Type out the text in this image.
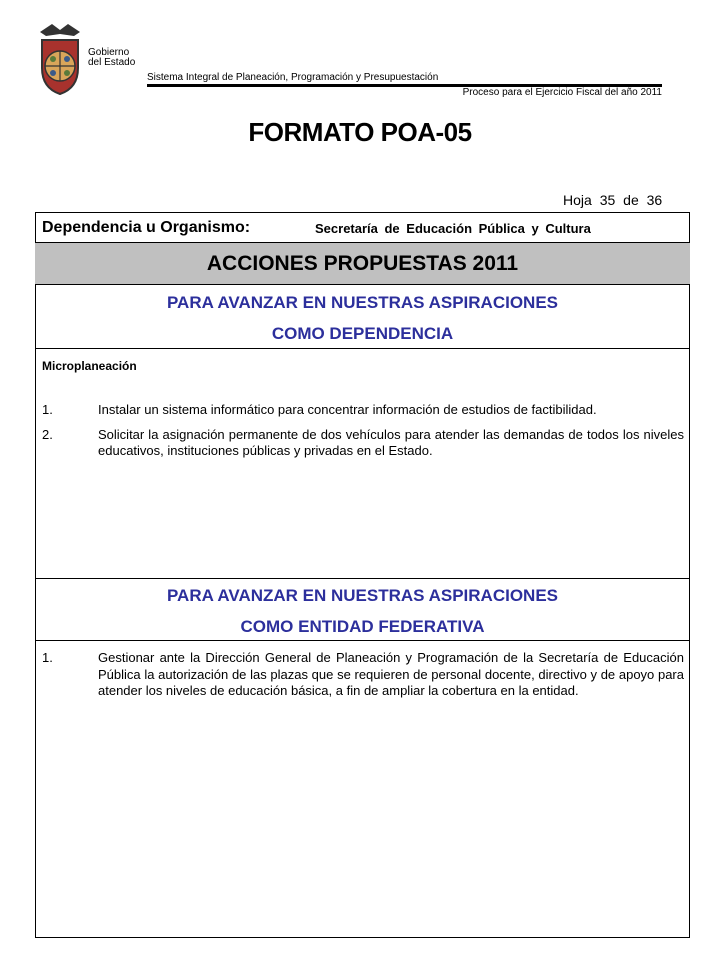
Gobierno
del Estado
Sistema Integral de Planeación, Programación y Presupuestación
Proceso para el Ejercicio Fiscal del año 2011
FORMATO POA-05
Hoja 35 de 36
Dependencia u Organismo:	Secretaría de Educación Pública y Cultura
ACCIONES PROPUESTAS 2011
PARA AVANZAR EN NUESTRAS ASPIRACIONES
COMO DEPENDENCIA
Microplaneación
1.	Instalar un sistema informático para concentrar información de estudios de factibilidad.
2.	Solicitar la asignación permanente de dos vehículos para atender las demandas de todos los niveles educativos, instituciones públicas y privadas en el Estado.
PARA AVANZAR EN NUESTRAS ASPIRACIONES
COMO ENTIDAD FEDERATIVA
1.	Gestionar ante la Dirección General de Planeación y Programación de la Secretaría de Educación Pública la autorización de las plazas que se requieren de personal docente, directivo y de apoyo para atender los niveles de educación básica, a fin de ampliar la cobertura en la entidad.
